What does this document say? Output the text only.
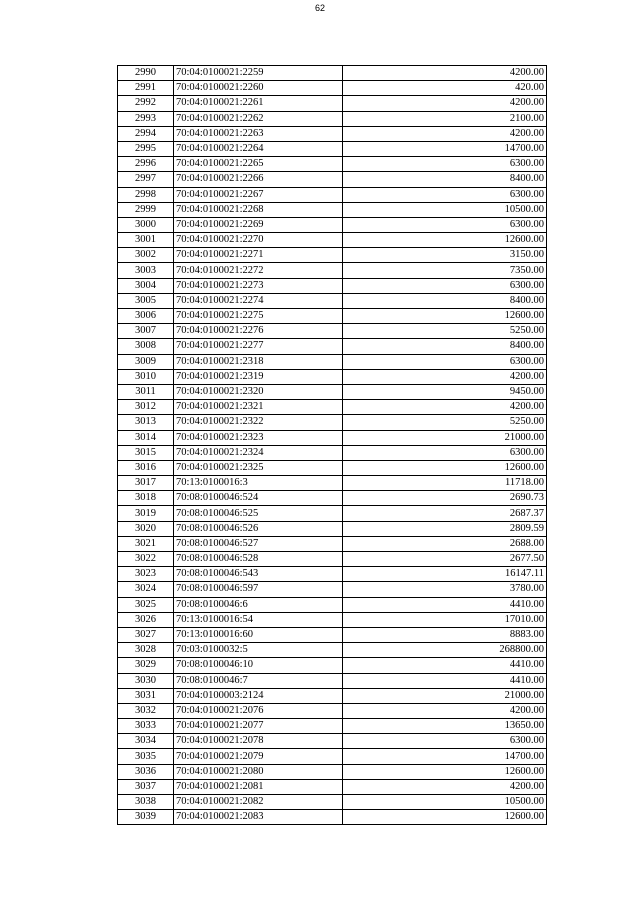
62
2990	70:04:0100021:2259	4200.00
2991	70:04:0100021:2260	420.00
2992	70:04:0100021:2261	4200.00
2993	70:04:0100021:2262	2100.00
2994	70:04:0100021:2263	4200.00
2995	70:04:0100021:2264	14700.00
2996	70:04:0100021:2265	6300.00
2997	70:04:0100021:2266	8400.00
2998	70:04:0100021:2267	6300.00
2999	70:04:0100021:2268	10500.00
3000	70:04:0100021:2269	6300.00
3001	70:04:0100021:2270	12600.00
3002	70:04:0100021:2271	3150.00
3003	70:04:0100021:2272	7350.00
3004	70:04:0100021:2273	6300.00
3005	70:04:0100021:2274	8400.00
3006	70:04:0100021:2275	12600.00
3007	70:04:0100021:2276	5250.00
3008	70:04:0100021:2277	8400.00
3009	70:04:0100021:2318	6300.00
3010	70:04:0100021:2319	4200.00
3011	70:04:0100021:2320	9450.00
3012	70:04:0100021:2321	4200.00
3013	70:04:0100021:2322	5250.00
3014	70:04:0100021:2323	21000.00
3015	70:04:0100021:2324	6300.00
3016	70:04:0100021:2325	12600.00
3017	70:13:0100016:3	11718.00
3018	70:08:0100046:524	2690.73
3019	70:08:0100046:525	2687.37
3020	70:08:0100046:526	2809.59
3021	70:08:0100046:527	2688.00
3022	70:08:0100046:528	2677.50
3023	70:08:0100046:543	16147.11
3024	70:08:0100046:597	3780.00
3025	70:08:0100046:6	4410.00
3026	70:13:0100016:54	17010.00
3027	70:13:0100016:60	8883.00
3028	70:03:0100032:5	268800.00
3029	70:08:0100046:10	4410.00
3030	70:08:0100046:7	4410.00
3031	70:04:0100003:2124	21000.00
3032	70:04:0100021:2076	4200.00
3033	70:04:0100021:2077	13650.00
3034	70:04:0100021:2078	6300.00
3035	70:04:0100021:2079	14700.00
3036	70:04:0100021:2080	12600.00
3037	70:04:0100021:2081	4200.00
3038	70:04:0100021:2082	10500.00
3039	70:04:0100021:2083	12600.00
